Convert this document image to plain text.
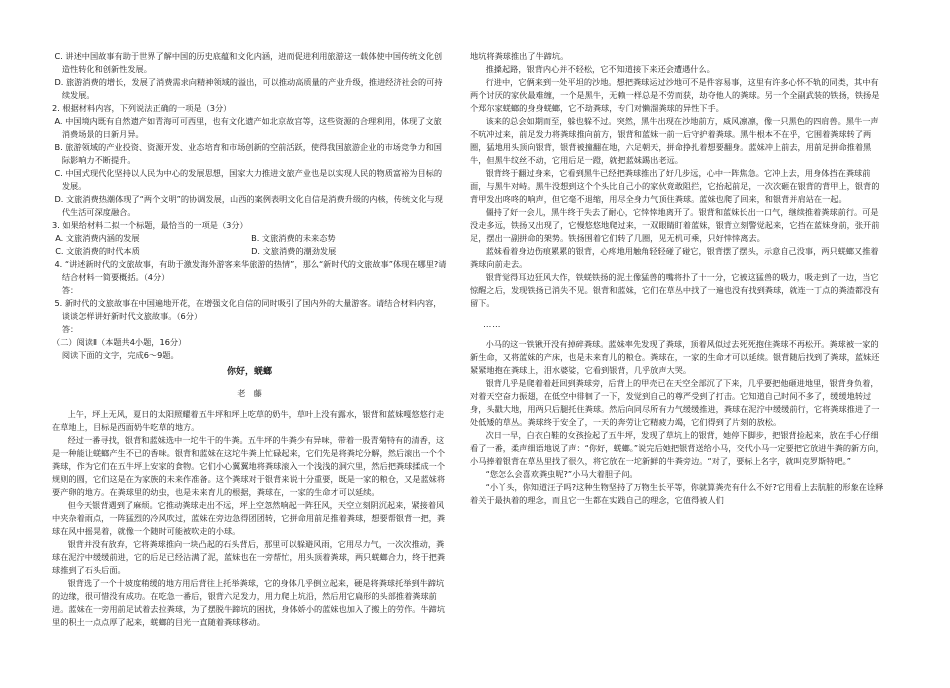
C. 讲述中国故事有助于世界了解中国的历史底蕴和文化内涵，进而促进利用旅游这一载体使中国传统文化创造性转化和创新性发展。

D. 旅游消费的增长，发展了消费需求向精神领域的溢出，可以推动高质量的产业升级，推进经济社会的可持续发展。

2. 根据材料内容，下列说法正确的一项是（3分）

A. 中国境内既有自然遗产如青海可可西里，也有文化遗产如北京故宫等，这些资源的合理利用，体现了文旅消费场景的日新月异。

B. 旅游领域的产业投资、资源开发、业态培育和市场创新的空前活跃，使得我国旅游企业的市场竞争力和国际影响力不断提升。

C. 中国式现代化坚持以人民为中心的发展思想，国家大力推进文旅产业也是以实现人民的物质富裕为目标的发展。

D. 文旅消费热潮体现了“两个文明”的协调发展，山西的案例表明文化自信是消费升级的内核，传统文化与现代生活可深度融合。

3. 如果给材料二拟一个标题，最恰当的一项是（3分）

A. 文旅消费内涵的发展	B. 文旅消费的未来态势

C. 文旅消费的时代本质	D. 文旅消费的潮劲发展

4. “讲述新时代的文旅故事，有助于激发海外游客来华旅游的热情”，那么“新时代的文旅故事”体现在哪里?请结合材料一简要概括。（4分）

答：

5. 新时代的文旅故事在中国遍地开花，在增强文化自信的同时吸引了国内外的大量游客。请结合材料内容，谈谈怎样讲好新时代文旅故事。（6分）

答：

（二）阅读Ⅱ（本题共4小题，16分）

阅读下面的文字，完成6～9题。

你好，蜣螂

老　藤

上午，坪上无风，夏日的太阳照耀着五牛坪和坪上吃草的奶牛，草叶上没有露水，银背和蓝妹嘎悠悠行走在草地上，目标是西面奶牛吃草的地方。

经过一番寻找，银背和蓝妹选中一坨牛干的牛粪。五牛坪的牛粪少有异味，带着一股青菊特有的清香，这是一种能让蜣螂产生不已的香味。银背和蓝妹在这坨牛粪上忙碌起来，它们先是将粪坨分解，然后滚出一个个粪球，作为它们在五牛坪上安家的食物。它们小心翼翼地将粪球滚入一个浅浅的洞穴里，然后把粪球揉成一个规则的圆，它们这是在为家族的未来作准备。这个粪球对于银背来说十分重要，既是一家的粮仓，又是蓝妹将要产卵的地方。在粪球里的幼虫，也是未来育儿的根据，粪球在，一家的生命才可以延续。

但今天银背遇到了麻烦。它推动粪球走出不远，坪上空忽然响起一阵狂风，天空立刻阴沉起来，紧接着风中夹杂着雨点，一阵猛烈的冷风吹过，蓝妹在旁边急得团团转，它拼命用前足推着粪球，想要帮银背一把，粪球在风中摇晃着，就像一个随时可能被吹走的小球。

银背并没有放弃，它将粪球推向一块凸起的石头背后，那里可以躲避风雨，它用尽力气，一次次推动，粪球在泥泞中缓缓前进，它的后足已经沾满了泥，蓝妹也在一旁帮忙，用头顶着粪球，两只蜣螂合力，终于把粪球推到了石头后面。

银背选了一个十坡度稍缓的地方用后背往上托举粪球，它的身体几乎倒立起来，硬是将粪球托举到牛蹄坑的边缘，很可惜没有成功。在吃急一番后，银背六足发力，用力爬上坑沿，然后用它扁形的头部推着粪球前进。蓝妹在一旁用前足试着去拉粪球，为了摆脱牛蹄坑的困扰，身体娇小的蓝妹也加入了搬上的劳作。牛蹄坑里的积土一点点厚了起来，蜣螂的目光一直随着粪球移动。

地坑将粪球推出了牛蹄坑。

推搡起路，银背内心并不轻松，它不知道接下来还会遭遇什么。

行进中，它俩来到一处平坦的沙地。想把粪球运过沙地可不是件容易事，这里有许多心怀不轨的同类，其中有两个讨厌的家伙最难缠，一个是黑牛，无赖一样总是不劳而获，劫夺他人的粪球。另一个全副武装的铁扬，铁扬是个郑尔家蜣螂的身身蜣螂，它不劫粪球，专门对懒溜粪球的异性下手。

该来的总会如期而至，躲也躲不过。突然，黑牛出现在沙地前方，威风凛凛，像一只黑色的四肩兽。黑牛一声不吭冲过来，前足发力将粪球推向前方，银背和蓝妹一前一后守护着粪球。黑牛根本不在乎，它围着粪球转了两圈，猛地用头顶向银背，银背被撞翻在地，六足朝天，拼命挣扎着想要翻身。蓝妹冲上前去，用前足拼命推着黑牛，但黑牛纹丝不动，它用后足一蹬，就把蓝妹踢出老远。

银背终于翻过身来，它看到黑牛已经把粪球推出了好几步远，心中一阵焦急。它冲上去，用身体挡在粪球前面，与黑牛对峙。黑牛没想到这个个头比自己小的家伙竟敢阻拦，它抬起前足，一次次砸在银背的背甲上，银背的背甲发出咚咚的响声，但它毫不退缩，用尽全身力气顶住粪球。蓝妹也爬了回来，和银背并肩站在一起。

僵持了好一会儿，黑牛终于失去了耐心，它悻悻地离开了。银背和蓝妹长出一口气，继续推着粪球前行。可是没走多远，铁扬又出现了，它慢悠悠地爬过来，一双眼睛盯着蓝妹，银背立刻警觉起来，它挡在蓝妹身前，张开前足，摆出一副拼命的架势。铁扬围着它们转了几圈，见无机可乘，只好悻悻离去。

蓝妹看着身边伤痕累累的银背，心疼地用触角轻轻碰了碰它，银背摆了摆头，示意自己没事，两只蜣螂又推着粪球向前走去。

银背觉得耳边狂风大作，铁蜣铁扬的泥土像猛兽的嘴将扑了十一分，它被这猛兽的吸力，吸走到了一边，当它惊醒之后，发现铁扬已消失不见。银背和蓝妹，它们在草丛中找了一遍也没有找到粪球，就连一丁点的粪渣都没有留下。

……

小马的这一铁锹开没有掉碎粪球。蓝妹率先发现了粪球，顶着风似过去死死抱住粪球不再松开。粪球被一家的新生命，又将蓝妹的产床，也是未来育儿的粮仓。粪球在，一家的生命才可以延续。银背随后找到了粪球，蓝妹还紧紧地抱在粪球上，泪水婆娑，它看到银背，几乎放声大哭。

银背几乎是爬着着赶回到粪球旁，后背上的甲壳已在天空全部沉了下来，几乎要把他砸进地里，银背身负着，对着天空奋力振翅，在低空中徘徊了一下，发觉到自己的尊严受到了打击。它知道自己时间不多了，缓缓地转过身，头戳大地，用两只后腿托住粪球。然后向同尽所有力气缓缓推进，粪球在泥泞中缓缓前行，它将粪球推进了一处低矮的草丛。粪球终于安全了，一天的奔劳让它精疲力竭，它们得到了片刻的放松。

次日一早，白衣白鞋的女孩捡起了五牛坪，发现了草坑上的银背，她停下脚步，把银背捡起来，放在手心仔细看了一番，柔声细语地说了声：“你好，蜣螂。”说完后她把银背送给小马，交代小马一定要把它放进牛粪的新方向，小马捧着银背在草丛里找了很久，将它放在一坨新鲜的牛粪旁边。“对了，要标上名字，就叫克罗斯特吧。”

“您怎么会喜欢粪虫呢?”小马大着胆子问。

“小丫头，你知道汪子吗?这种生物坚持了万物生长平等，你就算粪壳有什么不好?它用看上去肮脏的形象在诠释着关于最执着的理念，而且它一生都在实践自己的理念，它值得被人们
